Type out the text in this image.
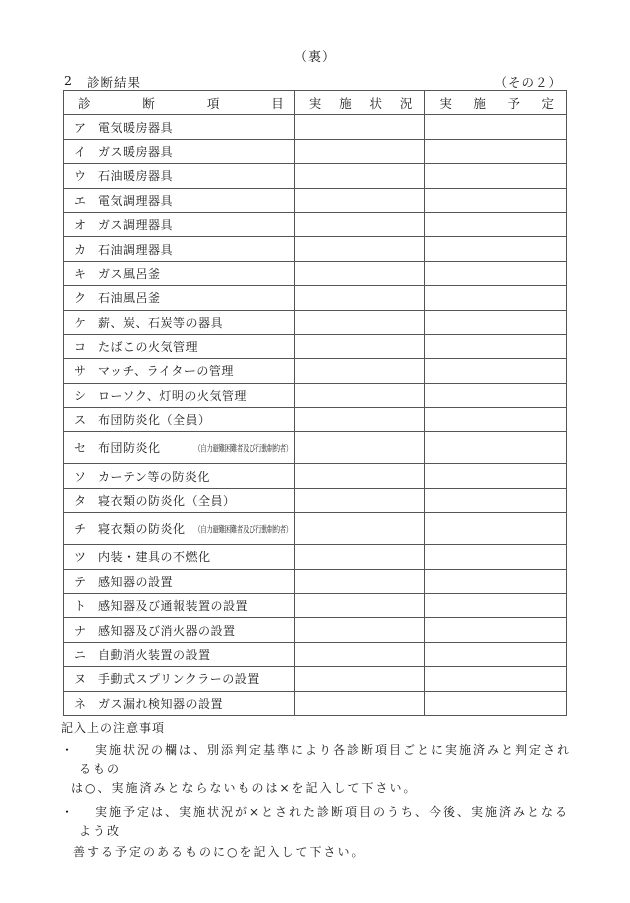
（裏）
2 診断結果	（その２）
診 断 項 目	実 施 状 況	実 施 予 定

ア 電気暖房器具		
イ ガス暖房器具		
ウ 石油暖房器具		
エ 電気調理器具		
オ ガス調理器具		
カ 石油調理器具		
キ ガス風呂釜		
ク 石油風呂釜		
ケ 薪、炭、石炭等の器具		
コ たばこの火気管理		
サ マッチ、ライターの管理		
シ ローソク、灯明の火気管理		
ス 布団防炎化（全員）		
セ 布団防炎化 （自力避難困難者及び行動制約者）		

ソ カーテン等の防炎化		
タ 寝衣類の防炎化（全員）		
チ 寝衣類の防炎化 （自力避難困難者及び行動制約者）		

ツ 内装・建具の不燃化		
テ 感知器の設置		
ト 感知器及び通報装置の設置		
ナ 感知器及び消火器の設置		
ニ 自動消火装置の設置		
ヌ 手動式スプリンクラーの設置		
ネ ガス漏れ検知器の設置		
記入上の注意事項
・	実施状況の欄は、別添判定基準により各診断項目ごとに実施済みと判定されるもの
は○、実施済みとならないものは×を記入して下さい。
・	実施予定は、実施状況が×とされた診断項目のうち、今後、実施済みとなるよう改
善する予定のあるものに○を記入して下さい。
